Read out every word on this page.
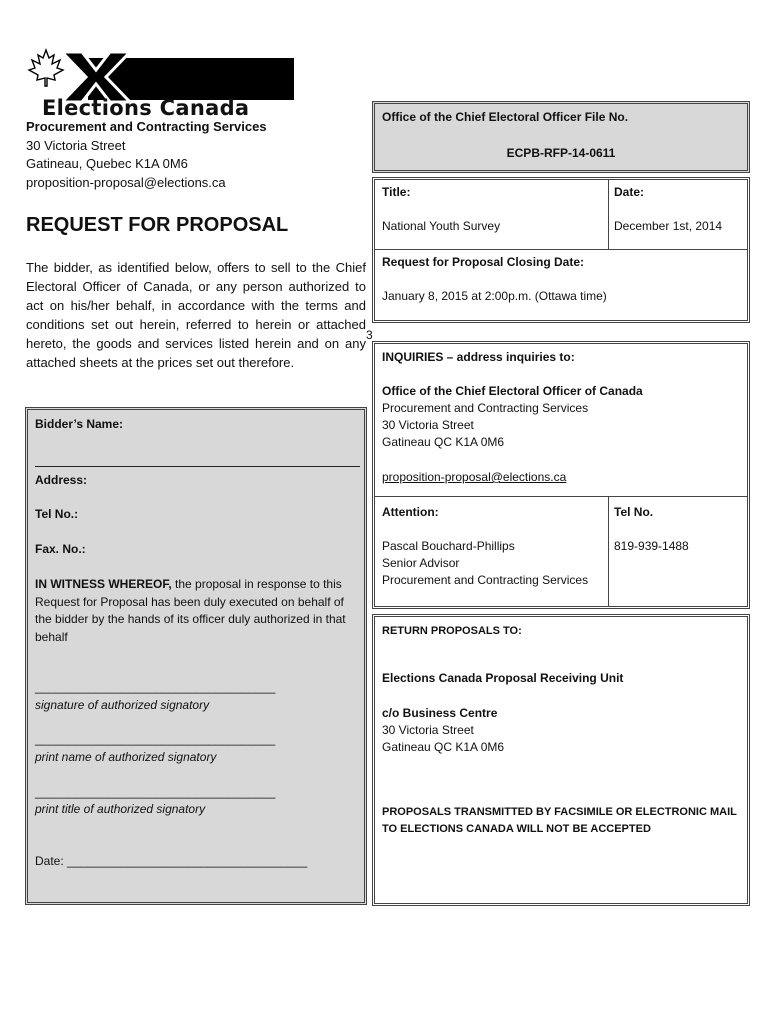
Elections Canada
Procurement and Contracting Services
30 Victoria Street
Gatineau, Quebec K1A 0M6
proposition-proposal@elections.ca
REQUEST FOR PROPOSAL
The bidder, as identified below, offers to sell to the Chief Electoral Officer of Canada, or any person authorized to act on his/her behalf, in accordance with the terms and conditions set out herein, referred to herein or attached hereto, the goods and services listed herein and on any attached sheets at the prices set out therefore.
Bidder’s Name:
Address:
Tel No.:
Fax. No.:
IN WITNESS WHEREOF, the proposal in response to this Request for Proposal has been duly executed on behalf of the bidder by the hands of its officer duly authorized in that behalf
____________________________________
signature of authorized signatory
____________________________________
print name of authorized signatory
____________________________________
print title of authorized signatory
Date: ____________________________________
Office of the Chief Electoral Officer File No.
ECPB-RFP-14-0611
Title:
National Youth Survey
Date:
December 1st, 2014
Request for Proposal Closing Date:
January 8, 2015 at 2:00p.m. (Ottawa time)
3
INQUIRIES – address inquiries to:
Office of the Chief Electoral Officer of Canada
Procurement and Contracting Services
30 Victoria Street
Gatineau QC K1A 0M6
proposition-proposal@elections.ca
Attention:	Tel No.
Pascal Bouchard-Phillips
Senior Advisor
Procurement and Contracting Services
819-939-1488
RETURN PROPOSALS TO:
Elections Canada Proposal Receiving Unit
c/o Business Centre
30 Victoria Street
Gatineau QC K1A 0M6
PROPOSALS TRANSMITTED BY FACSIMILE OR ELECTRONIC MAIL TO ELECTIONS CANADA WILL NOT BE ACCEPTED
